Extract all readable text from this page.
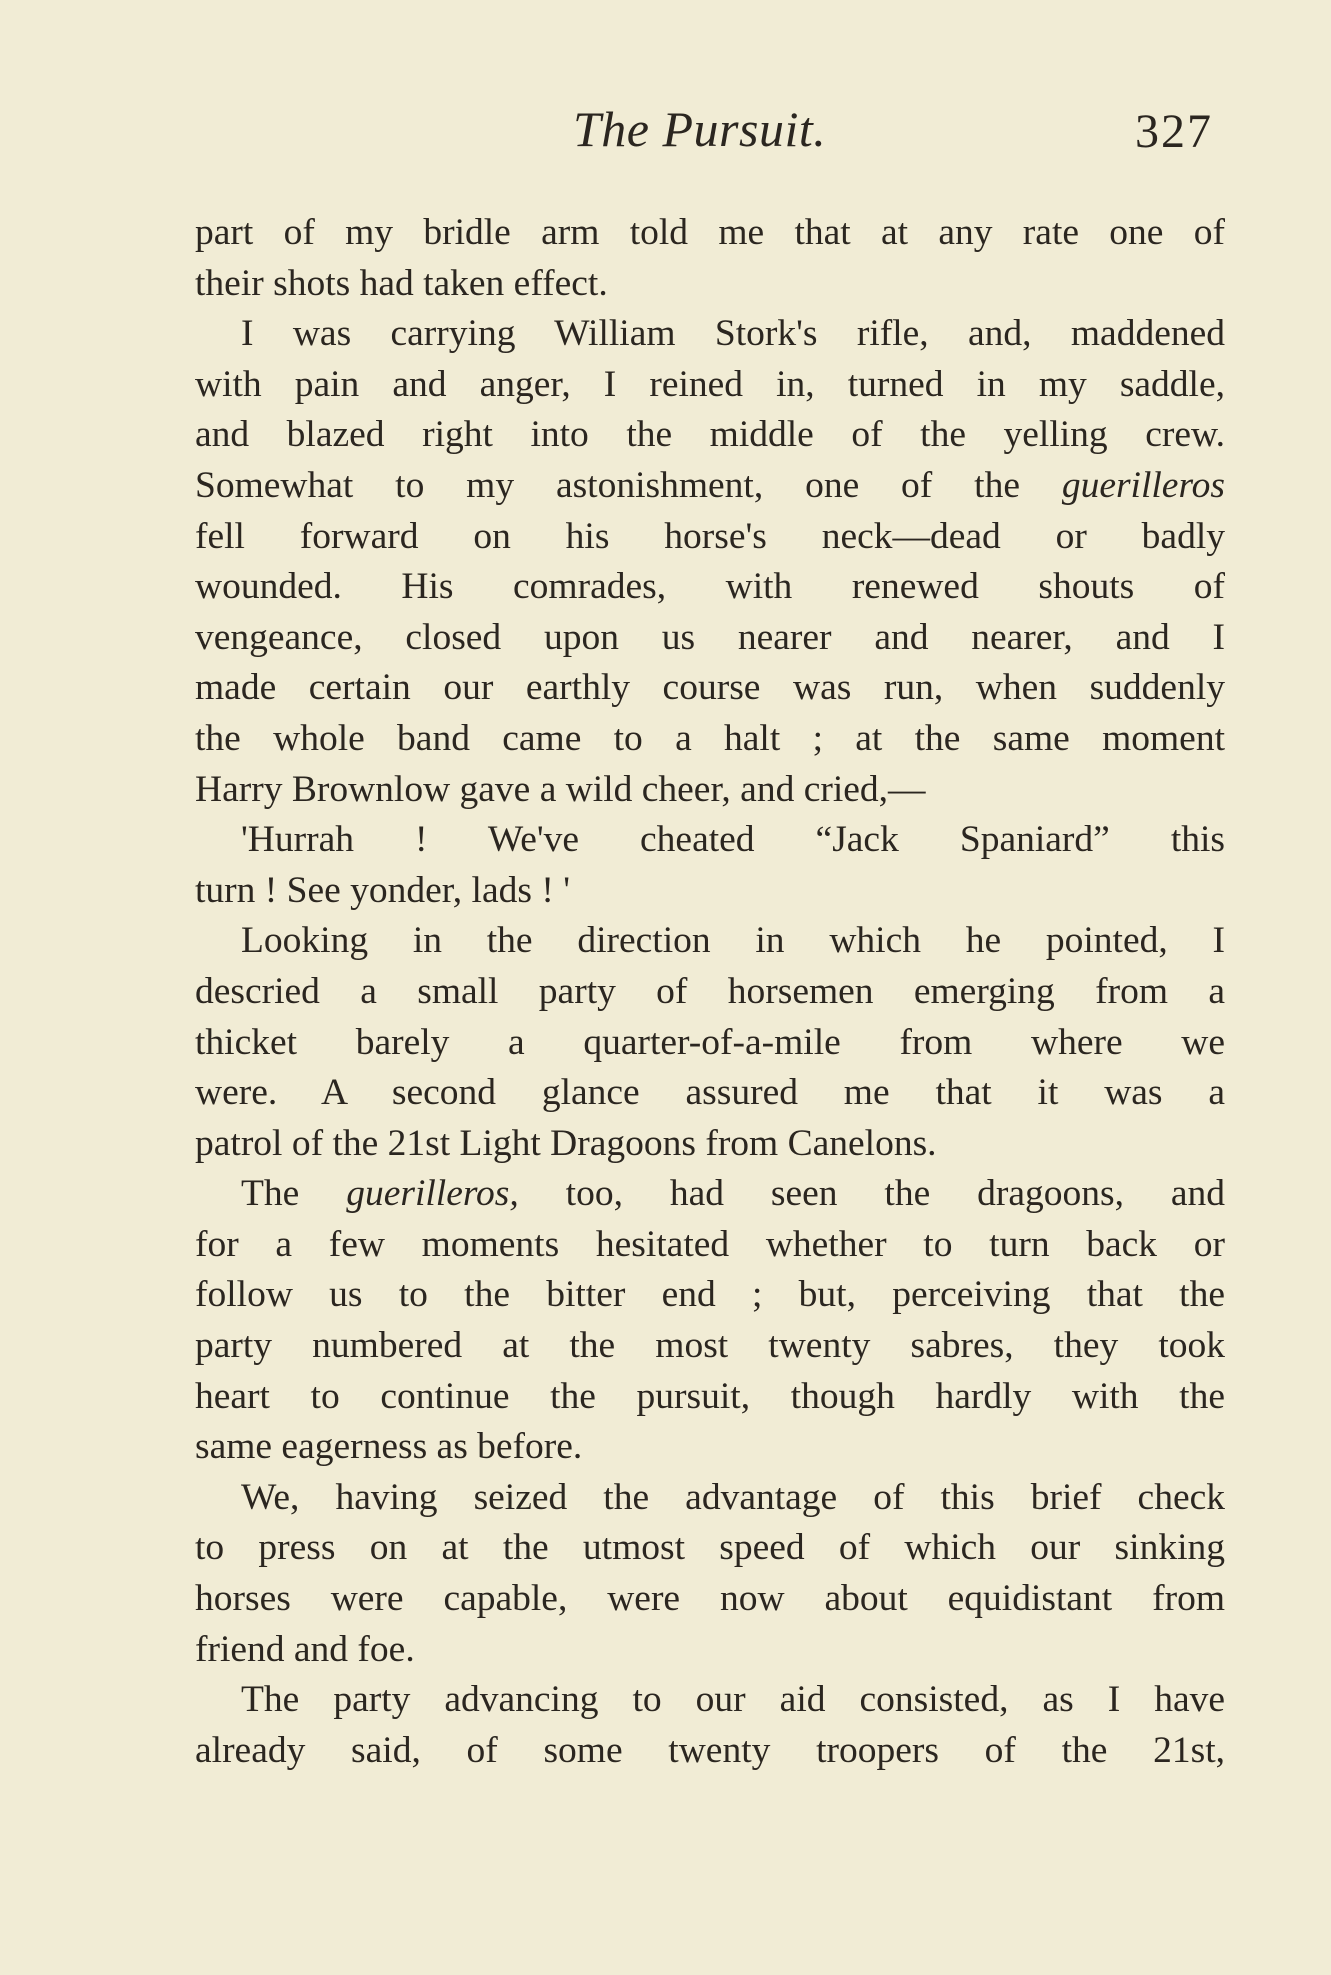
The Pursuit.	327
part of my bridle arm told me that at any rate one of
their shots had taken effect.
I was carrying William Stork's rifle, and, maddened
with pain and anger, I reined in, turned in my saddle,
and blazed right into the middle of the yelling crew.
Somewhat to my astonishment, one of the guerilleros
fell forward on his horse's neck—dead or badly
wounded. His comrades, with renewed shouts of
vengeance, closed upon us nearer and nearer, and I
made certain our earthly course was run, when suddenly
the whole band came to a halt ; at the same moment
Harry Brownlow gave a wild cheer, and cried,—
'Hurrah ! We've cheated “Jack Spaniard” this
turn ! See yonder, lads ! '
Looking in the direction in which he pointed, I
descried a small party of horsemen emerging from a
thicket barely a quarter-of-a-mile from where we
were. A second glance assured me that it was a
patrol of the 21st Light Dragoons from Canelons.
The guerilleros, too, had seen the dragoons, and
for a few moments hesitated whether to turn back or
follow us to the bitter end ; but, perceiving that the
party numbered at the most twenty sabres, they took
heart to continue the pursuit, though hardly with the
same eagerness as before.
We, having seized the advantage of this brief check
to press on at the utmost speed of which our sinking
horses were capable, were now about equidistant from
friend and foe.
The party advancing to our aid consisted, as I have
already said, of some twenty troopers of the 21st,
